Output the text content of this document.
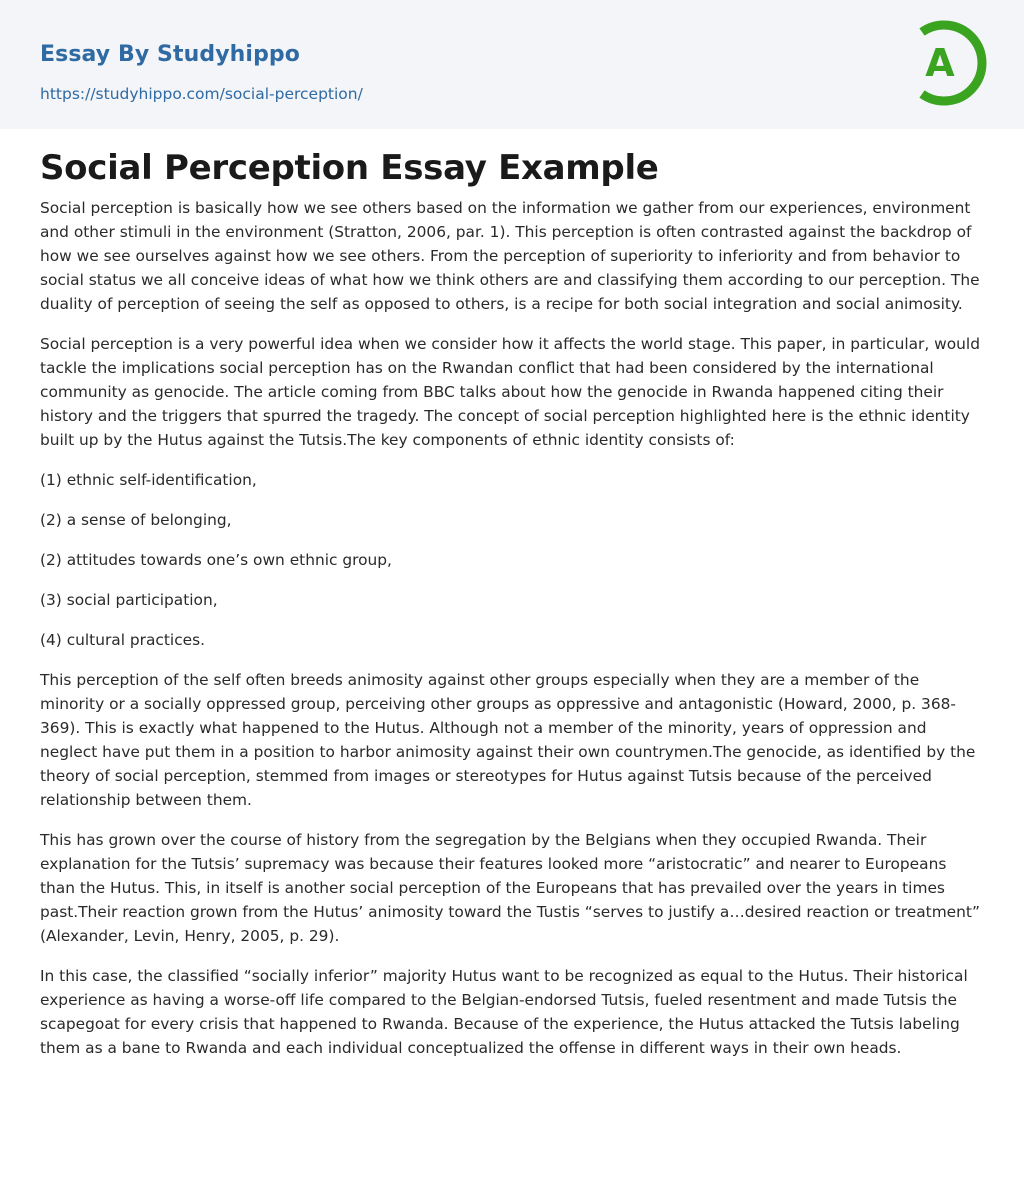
Essay By Studyhippo
https://studyhippo.com/social-perception/
A
Social Perception Essay Example

Social perception is basically how we see others based on the information we gather from our experiences, environment and other stimuli in the environment (Stratton, 2006, par. 1). This perception is often contrasted against the backdrop of how we see ourselves against how we see others. From the perception of superiority to inferiority and from behavior to social status we all conceive ideas of what how we think others are and classifying them according to our perception. The duality of perception of seeing the self as opposed to others, is a recipe for both social integration and social animosity.

Social perception is a very powerful idea when we consider how it affects the world stage. This paper, in particular, would tackle the implications social perception has on the Rwandan conflict that had been considered by the international community as genocide. The article coming from BBC talks about how the genocide in Rwanda happened citing their history and the triggers that spurred the tragedy. The concept of social perception highlighted here is the ethnic identity built up by the Hutus against the Tutsis.The key components of ethnic identity consists of:

(1) ethnic self-identification,

(2) a sense of belonging,

(2) attitudes towards one’s own ethnic group,

(3) social participation,

(4) cultural practices.

This perception of the self often breeds animosity against other groups especially when they are a member of the minority or a socially oppressed group, perceiving other groups as oppressive and antagonistic (Howard, 2000, p. 368-369). This is exactly what happened to the Hutus. Although not a member of the minority, years of oppression and neglect have put them in a position to harbor animosity against their own countrymen.The genocide, as identified by the theory of social perception, stemmed from images or stereotypes for Hutus against Tutsis because of the perceived relationship between them.

This has grown over the course of history from the segregation by the Belgians when they occupied Rwanda. Their explanation for the Tutsis’ supremacy was because their features looked more “aristocratic” and nearer to Europeans than the Hutus. This, in itself is another social perception of the Europeans that has prevailed over the years in times past.Their reaction grown from the Hutus’ animosity toward the Tustis “serves to justify a…desired reaction or treatment” (Alexander, Levin, Henry, 2005, p. 29).

In this case, the classified “socially inferior” majority Hutus want to be recognized as equal to the Hutus. Their historical experience as having a worse-off life compared to the Belgian-endorsed Tutsis, fueled resentment and made Tutsis the scapegoat for every crisis that happened to Rwanda. Because of the experience, the Hutus attacked the Tutsis labeling them as a bane to Rwanda and each individual conceptualized the offense in different ways in their own heads.
